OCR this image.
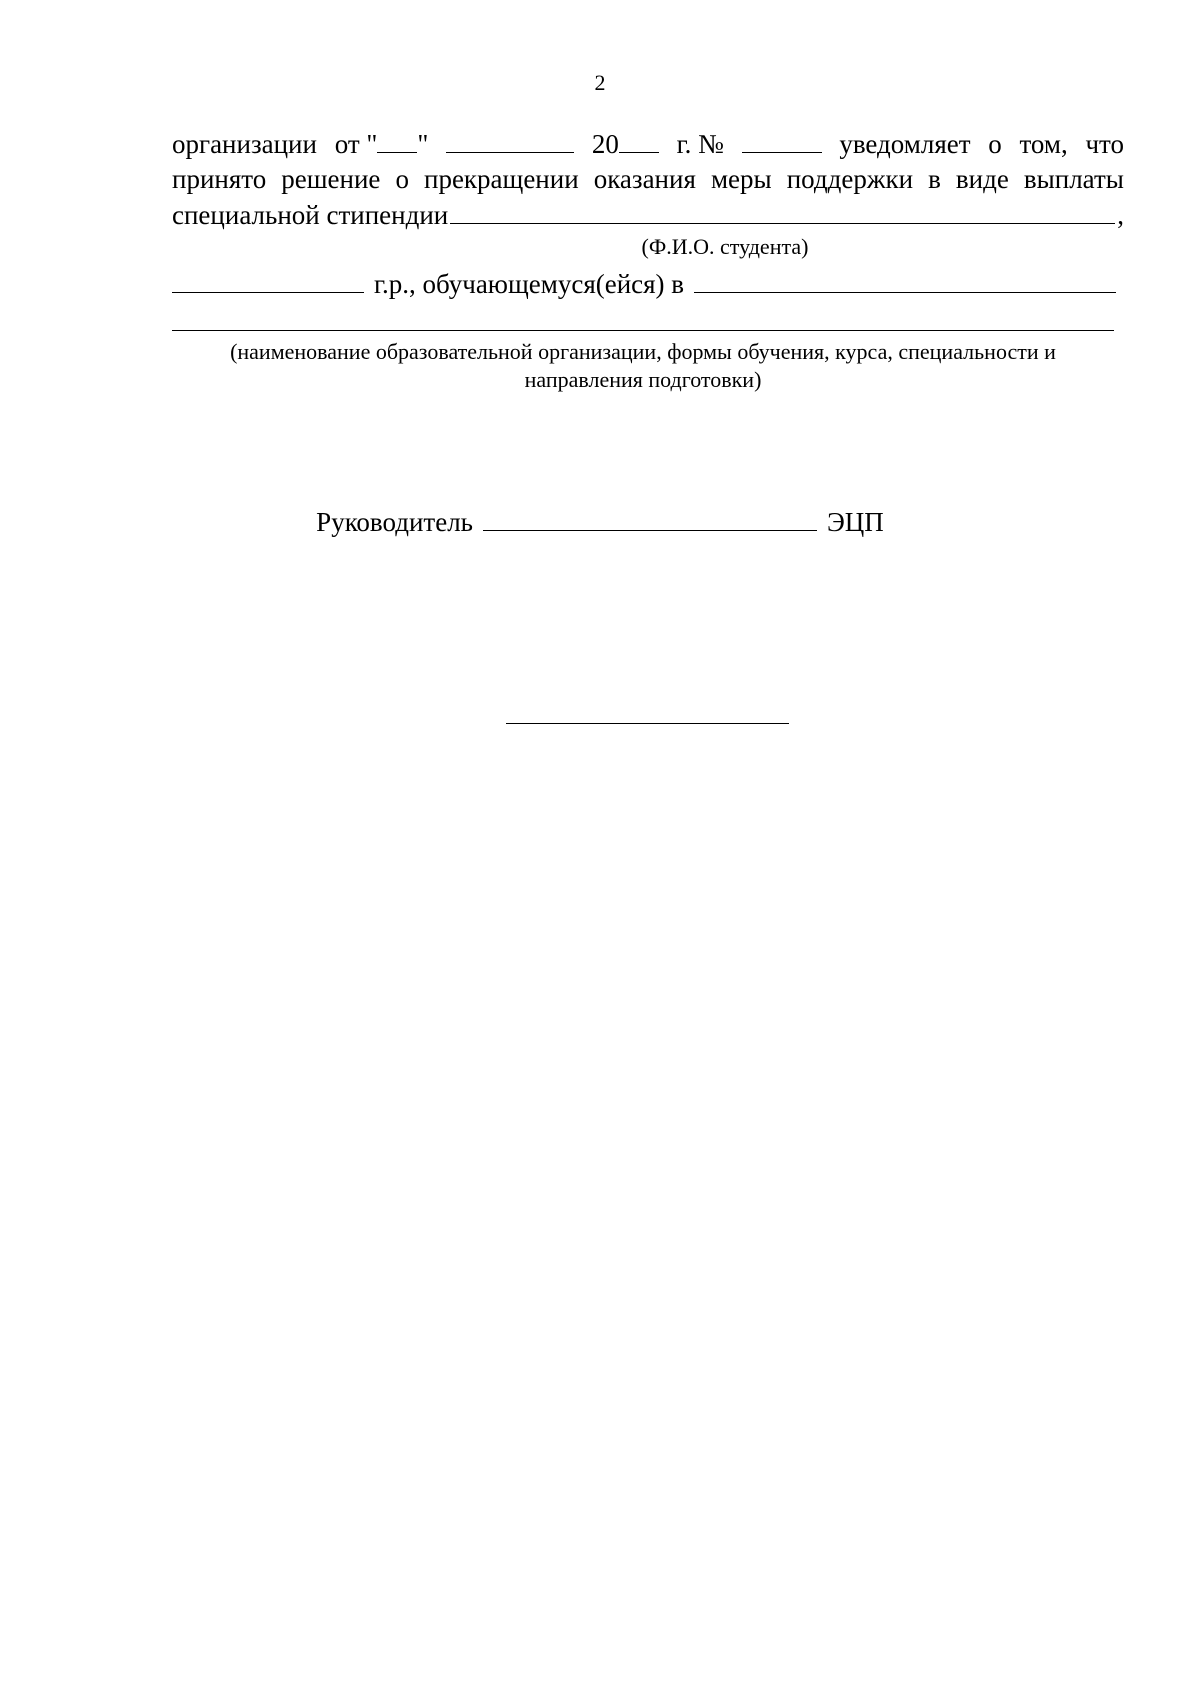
2
организации от " "	20	г. №	уведомляет о том, что
принято решение о прекращении оказания меры поддержки в виде выплаты
специальной стипендии	,
(Ф.И.О. студента)
г.р., обучающемуся(ейся) в
(наименование образовательной организации, формы обучения, курса, специальности и
направления подготовки)
Руководитель	ЭЦП
